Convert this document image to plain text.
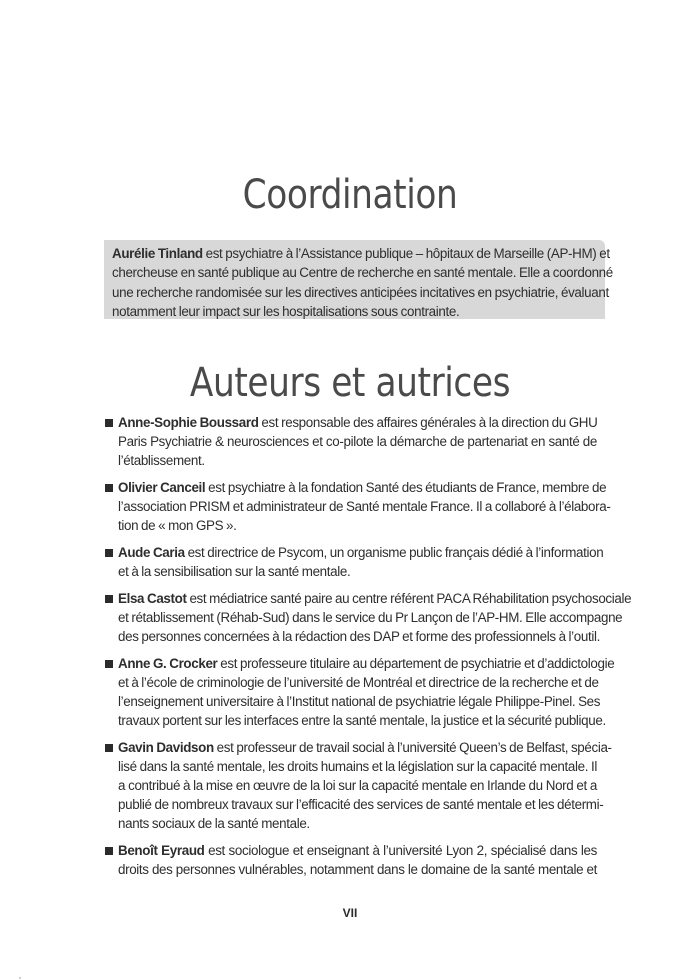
Coordination
Aurélie Tinland est psychiatre à l’Assistance publique – hôpitaux de Marseille (AP-HM) et
chercheuse en santé publique au Centre de recherche en santé mentale. Elle a coordonné
une recherche randomisée sur les directives anticipées incitatives en psychiatrie, évaluant
notamment leur impact sur les hospitalisations sous contrainte.
Auteurs et autrices
Anne-Sophie Boussard est responsable des affaires générales à la direction du GHU
Paris Psychiatrie & neurosciences et co-pilote la démarche de partenariat en santé de
l’établissement.
Olivier Canceil est psychiatre à la fondation Santé des étudiants de France, membre de
l’association PRISM et administrateur de Santé mentale France. Il a collaboré à l’élabora-
tion de « mon GPS ».
Aude Caria est directrice de Psycom, un organisme public français dédié à l’information
et à la sensibilisation sur la santé mentale.
Elsa Castot est médiatrice santé paire au centre référent PACA Réhabilitation psychosociale
et rétablissement (Réhab-Sud) dans le service du Pr Lançon de l’AP-HM. Elle accompagne
des personnes concernées à la rédaction des DAP et forme des professionnels à l’outil.
Anne G. Crocker est professeure titulaire au département de psychiatrie et d’addictologie
et à l’école de criminologie de l’université de Montréal et directrice de la recherche et de
l’enseignement universitaire à l’Institut national de psychiatrie légale Philippe-Pinel. Ses
travaux portent sur les interfaces entre la santé mentale, la justice et la sécurité publique.
Gavin Davidson est professeur de travail social à l’université Queen’s de Belfast, spécia-
lisé dans la santé mentale, les droits humains et la législation sur la capacité mentale. Il
a contribué à la mise en œuvre de la loi sur la capacité mentale en Irlande du Nord et a
publié de nombreux travaux sur l’efficacité des services de santé mentale et les détermi-
nants sociaux de la santé mentale.
Benoît Eyraud est sociologue et enseignant à l’université Lyon 2, spécialisé dans les
droits des personnes vulnérables, notamment dans le domaine de la santé mentale et
VII
